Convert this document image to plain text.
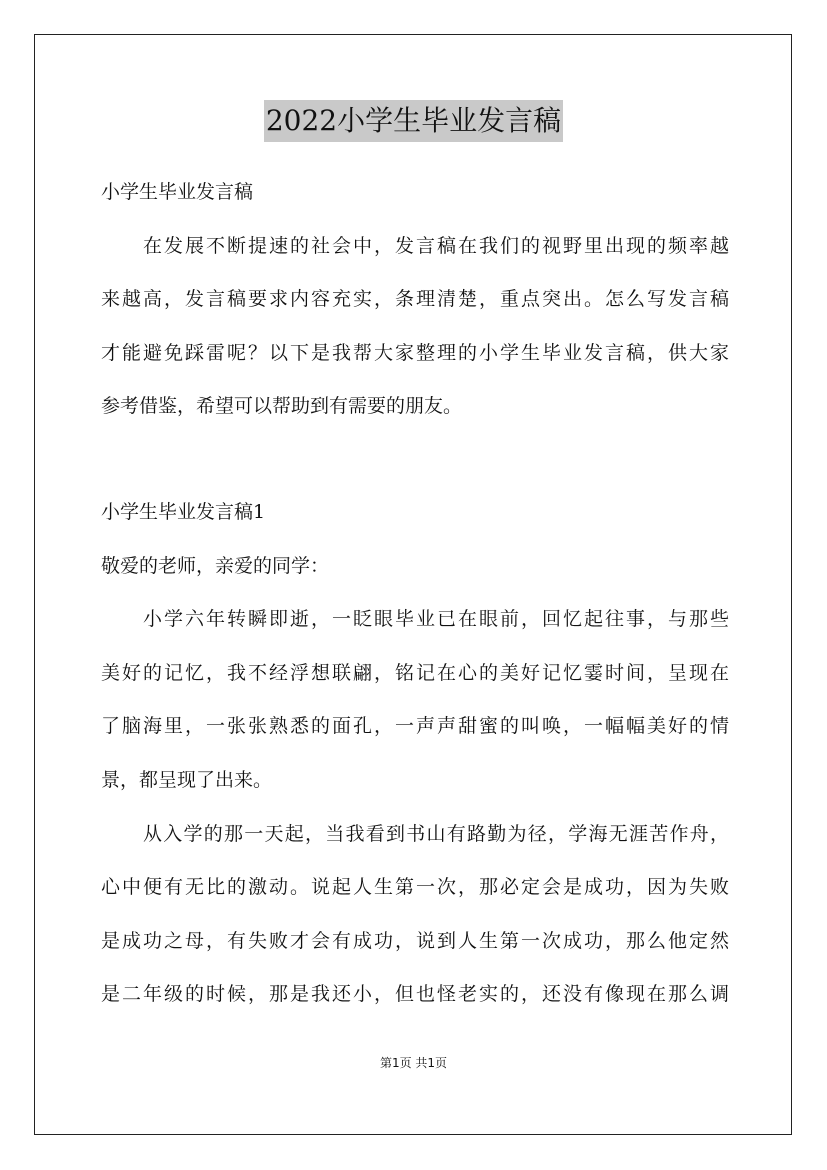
2022小学生毕业发言稿
小学生毕业发言稿
在发展不断提速的社会中，发言稿在我们的视野里出现的频率越
来越高，发言稿要求内容充实，条理清楚，重点突出。怎么写发言稿
才能避免踩雷呢？以下是我帮大家整理的小学生毕业发言稿，供大家
参考借鉴，希望可以帮助到有需要的朋友。
小学生毕业发言稿1
敬爱的老师，亲爱的同学：
小学六年转瞬即逝，一眨眼毕业已在眼前，回忆起往事，与那些
美好的记忆，我不经浮想联翩，铭记在心的美好记忆霎时间，呈现在
了脑海里，一张张熟悉的面孔，一声声甜蜜的叫唤，一幅幅美好的情
景，都呈现了出来。
从入学的那一天起，当我看到书山有路勤为径，学海无涯苦作舟，
心中便有无比的激动。说起人生第一次，那必定会是成功，因为失败
是成功之母，有失败才会有成功，说到人生第一次成功，那么他定然
是二年级的时候，那是我还小，但也怪老实的，还没有像现在那么调
第1页 共1页
